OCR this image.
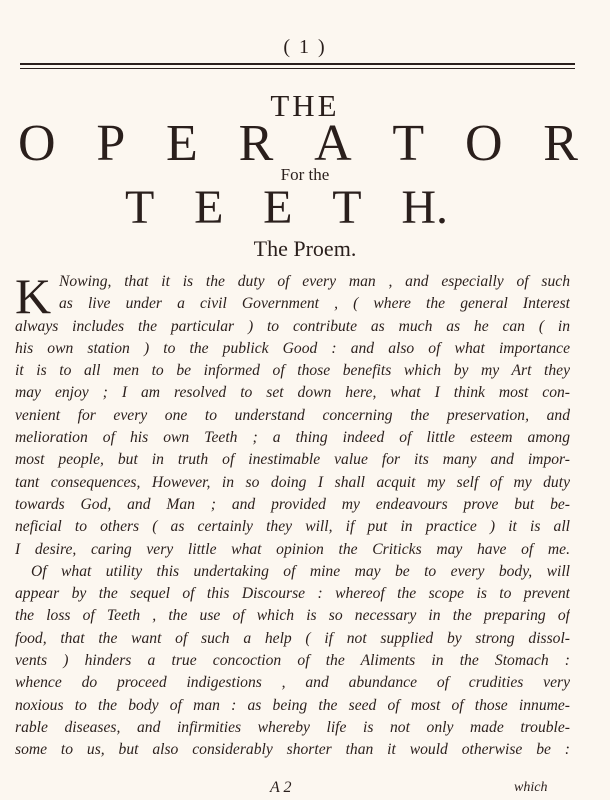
( 1 )
THE
O P E R A T O R
For the
T E E T H.
The Proem.
K Nowing, that it is the duty of every man , and especially of such
as live under a civil Government , ( where the general Interest
always includes the particular ) to contribute as much as he can ( in
his own station ) to the publick Good : and also of what importance
it is to all men to be informed of those benefits which by my Art they
may enjoy ; I am resolved to set down here, what I think most con-
venient for every one to understand concerning the preservation, and
melioration of his own Teeth ; a thing indeed of little esteem among
most people, but in truth of inestimable value for its many and impor-
tant consequences, However, in so doing I shall acquit my self of my duty
towards God, and Man ; and provided my endeavours prove but be-
neficial to others ( as certainly they will, if put in practice ) it is all
I desire, caring very little what opinion the Criticks may have of me.
Of what utility this undertaking of mine may be to every body, will
appear by the sequel of this Discourse : whereof the scope is to prevent
the loss of Teeth , the use of which is so necessary in the preparing of
food, that the want of such a help ( if not supplied by strong dissol-
vents ) hinders a true concoction of the Aliments in the Stomach :
whence do proceed indigestions , and abundance of crudities very
noxious to the body of man : as being the seed of most of those innume-
rable diseases, and infirmities whereby life is not only made trouble-
some to us, but also considerably shorter than it would otherwise be :
A 2	which
